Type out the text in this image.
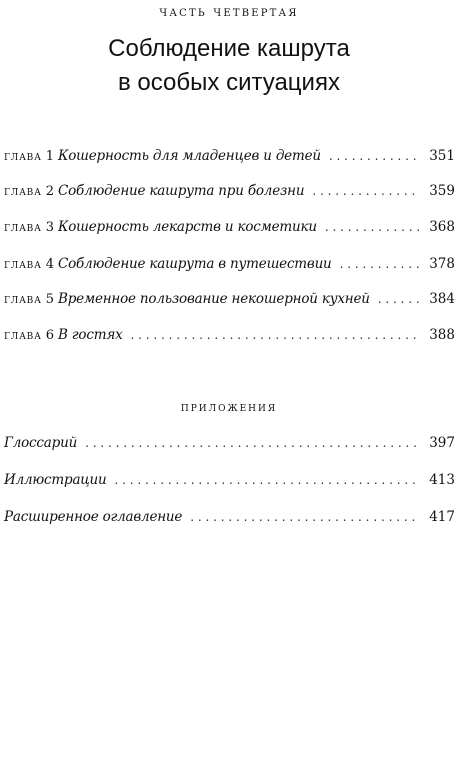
часть четвертая
Соблюдение кашрута
в особых ситуациях
глава 1 Кошерность для младенцев и детей . . .	351
глава 2 Соблюдение кашрута при болезни . . .	359
глава 3 Кошерность лекарств и косметики . . .	368
глава 4 Соблюдение кашрута в путешествии . . .	378
глава 5 Временное пользование некошерной кухней . . .	384
глава 6 В гостях . . .	388
приложения
Глоссарий . . .	397
Иллюстрации . . .	413
Расширенное оглавление . . .	417
